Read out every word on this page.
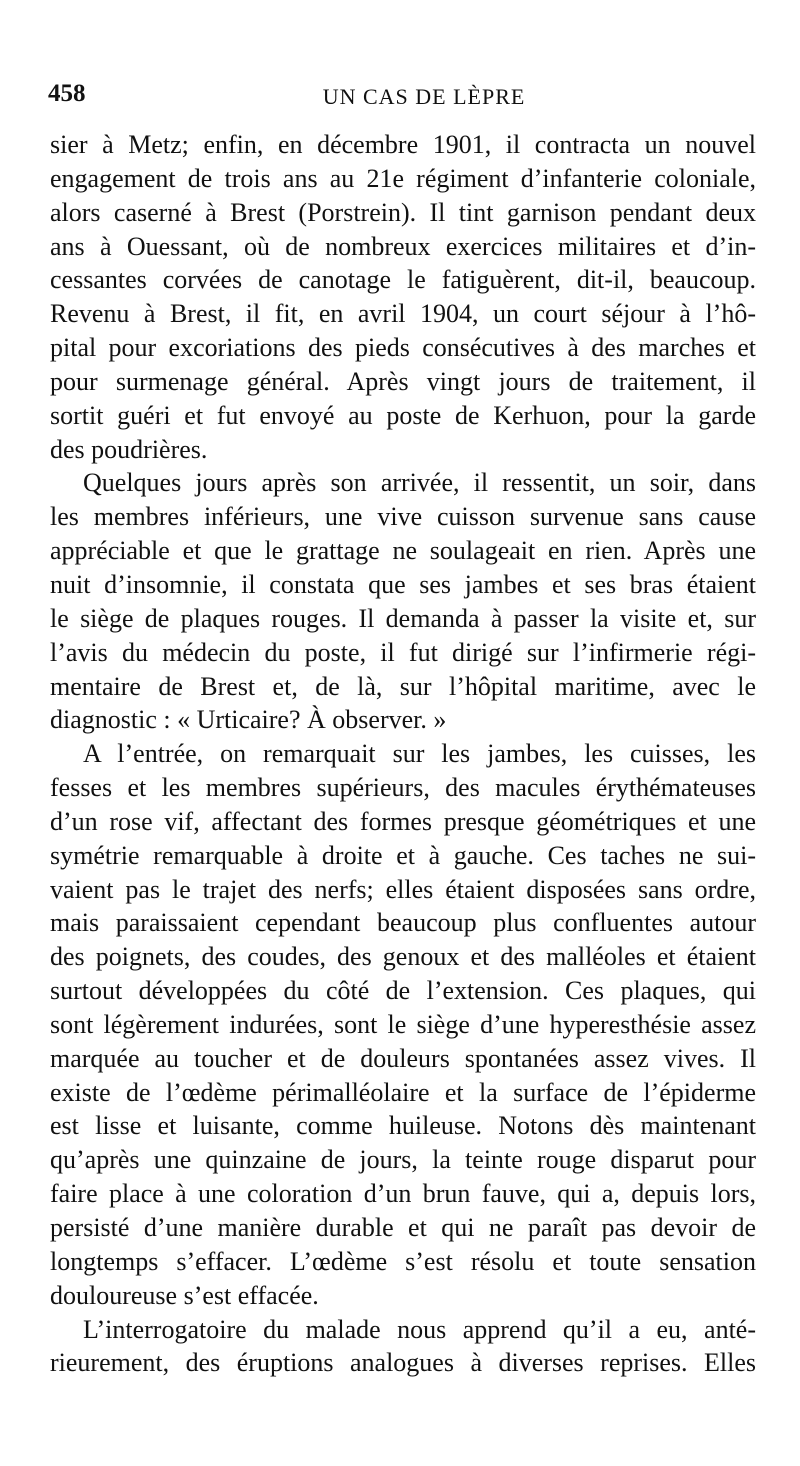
458	UN CAS DE LÈPRE
sier à Metz; enfin, en décembre 1901, il contracta un nouvel
engagement de trois ans au 21e régiment d’infanterie coloniale,
alors caserné à Brest (Porstrein). Il tint garnison pendant deux
ans à Ouessant, où de nombreux exercices militaires et d’in-
cessantes corvées de canotage le fatiguèrent, dit-il, beaucoup.
Revenu à Brest, il fit, en avril 1904, un court séjour à l’hô-
pital pour excoriations des pieds consécutives à des marches et
pour surmenage général. Après vingt jours de traitement, il
sortit guéri et fut envoyé au poste de Kerhuon, pour la garde
des poudrières.
Quelques jours après son arrivée, il ressentit, un soir, dans
les membres inférieurs, une vive cuisson survenue sans cause
appréciable et que le grattage ne soulageait en rien. Après une
nuit d’insomnie, il constata que ses jambes et ses bras étaient
le siège de plaques rouges. Il demanda à passer la visite et, sur
l’avis du médecin du poste, il fut dirigé sur l’infirmerie régi-
mentaire de Brest et, de là, sur l’hôpital maritime, avec le
diagnostic : « Urticaire? À observer. »
A l’entrée, on remarquait sur les jambes, les cuisses, les
fesses et les membres supérieurs, des macules érythémateuses
d’un rose vif, affectant des formes presque géométriques et une
symétrie remarquable à droite et à gauche. Ces taches ne sui-
vaient pas le trajet des nerfs; elles étaient disposées sans ordre,
mais paraissaient cependant beaucoup plus confluentes autour
des poignets, des coudes, des genoux et des malléoles et étaient
surtout développées du côté de l’extension. Ces plaques, qui
sont légèrement indurées, sont le siège d’une hyperesthésie assez
marquée au toucher et de douleurs spontanées assez vives. Il
existe de l’œdème périmalléolaire et la surface de l’épiderme
est lisse et luisante, comme huileuse. Notons dès maintenant
qu’après une quinzaine de jours, la teinte rouge disparut pour
faire place à une coloration d’un brun fauve, qui a, depuis lors,
persisté d’une manière durable et qui ne paraît pas devoir de
longtemps s’effacer. L’œdème s’est résolu et toute sensation
douloureuse s’est effacée.
L’interrogatoire du malade nous apprend qu’il a eu, anté-
rieurement, des éruptions analogues à diverses reprises. Elles
